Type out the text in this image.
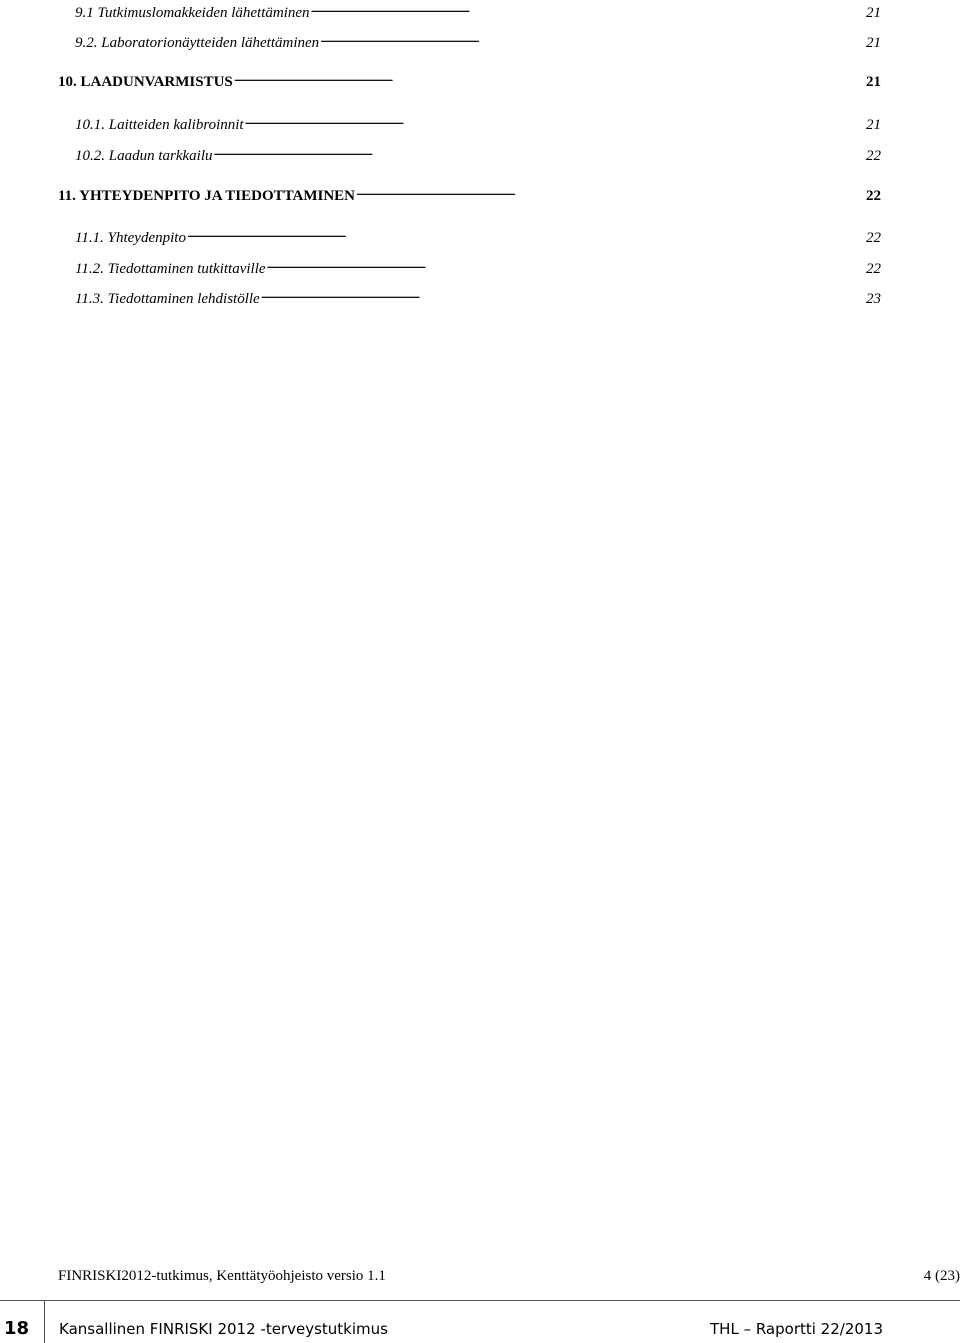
9.1 Tutkimuslomakkeiden lähettäminen . . .	21
9.2. Laboratorionäytteiden lähettäminen . . .	21
10. LAADUNVARMISTUS . . .	21
10.1. Laitteiden kalibroinnit . . .	21
10.2. Laadun tarkkailu . . .	22
11. YHTEYDENPITO JA TIEDOTTAMINEN . . .	22
11.1. Yhteydenpito . . .	22
11.2. Tiedottaminen tutkittaville . . .	22
11.3. Tiedottaminen lehdistölle . . .	23
FINRISKI2012-tutkimus, Kenttätyöohjeisto versio 1.1	4 (23)
18 Kansallinen FINRISKI 2012 -terveystutkimus	THL – Raportti 22/2013
